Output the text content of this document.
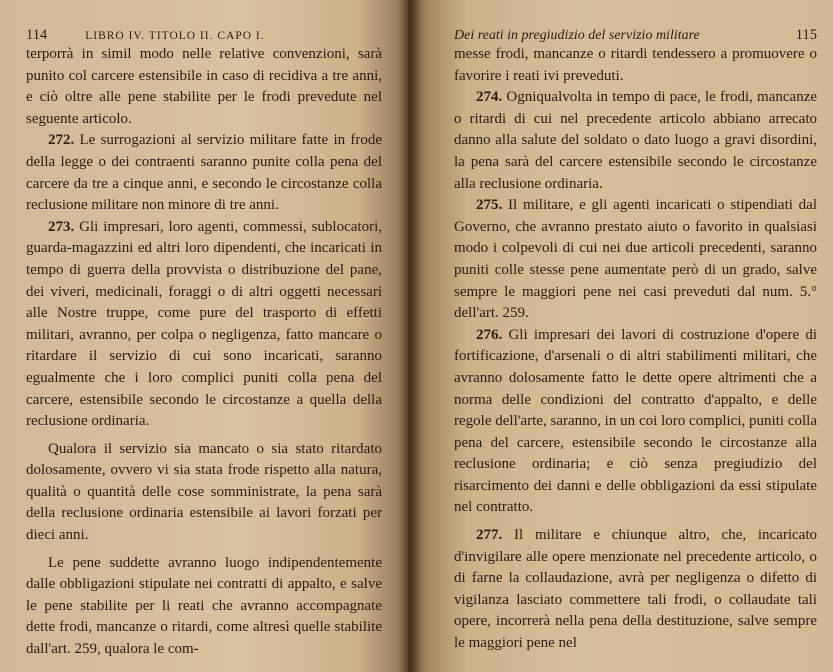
114	LIBRO IV. TITOLO II. CAPO I.

terporrà in simil modo nelle relative convenzioni, sarà punito col carcere estensibile in caso di recidiva a tre anni, e ciò oltre alle pene stabilite per le frodi prevedute nel seguente articolo.

272. Le surrogazioni al servizio militare fatte in frode della legge o dei contraenti saranno punite colla pena del carcere da tre a cinque anni, e secondo le circostanze colla reclusione militare non minore di tre anni.

273. Gli impresari, loro agenti, commessi, sublocatori, guarda-magazzini ed altri loro dipendenti, che incaricati in tempo di guerra della provvista o distribuzione del pane, dei viveri, medicinali, foraggi o di altri oggetti necessari alle Nostre truppe, come pure del trasporto di effetti militari, avranno, per colpa o negligenza, fatto mancare o ritardare il servizio di cui sono incaricati, saranno egualmente che i loro complici puniti colla pena del carcere, estensibile secondo le circostanze a quella della reclusione ordinaria.

Qualora il servizio sia mancato o sia stato ritardato dolosamente, ovvero vi sia stata frode rispetto alla natura, qualità o quantità delle cose somministrate, la pena sarà della reclusione ordinaria estensibile ai lavori forzati per dieci anni.

Le pene suddette avranno luogo indipendentemente dalle obbligazioni stipulate nei contratti di appalto, e salve le pene stabilite per li reati che avranno accompagnate dette frodi, mancanze o ritardi, come altresì quelle stabilite dall'art. 259, qualora le com-

Dei reati in pregiudizio del servizio militare	115

messe frodi, mancanze o ritardi tendessero a promuovere o favorire i reati ivi preveduti.

274. Ogniqualvolta in tempo di pace, le frodi, mancanze o ritardi di cui nel precedente articolo abbiano arrecato danno alla salute del soldato o dato luogo a gravi disordini, la pena sarà del carcere estensibile secondo le circostanze alla reclusione ordinaria.

275. Il militare, e gli agenti incaricati o stipendiati dal Governo, che avranno prestato aiuto o favorito in qualsiasi modo i colpevoli di cui nei due articoli precedenti, saranno puniti colle stesse pene aumentate però di un grado, salve sempre le maggiori pene nei casi preveduti dal num. 5.° dell'art. 259.

276. Gli impresari dei lavori di costruzione d'opere di fortificazione, d'arsenali o di altri stabilimenti militari, che avranno dolosamente fatto le dette opere altrimenti che a norma delle condizioni del contratto d'appalto, e delle regole dell'arte, saranno, in un coi loro complici, puniti colla pena del carcere, estensibile secondo le circostanze alla reclusione ordinaria; e ciò senza pregiudizio del risarcimento dei danni e delle obbligazioni da essi stipulate nel contratto.

277. Il militare e chiunque altro, che, incaricato d'invigilare alle opere menzionate nel precedente articolo, o di farne la collaudazione, avrà per negligenza o difetto di vigilanza lasciato commettere tali frodi, o collaudate tali opere, incorrerà nella pena della destituzione, salve sempre le maggiori pene nel
